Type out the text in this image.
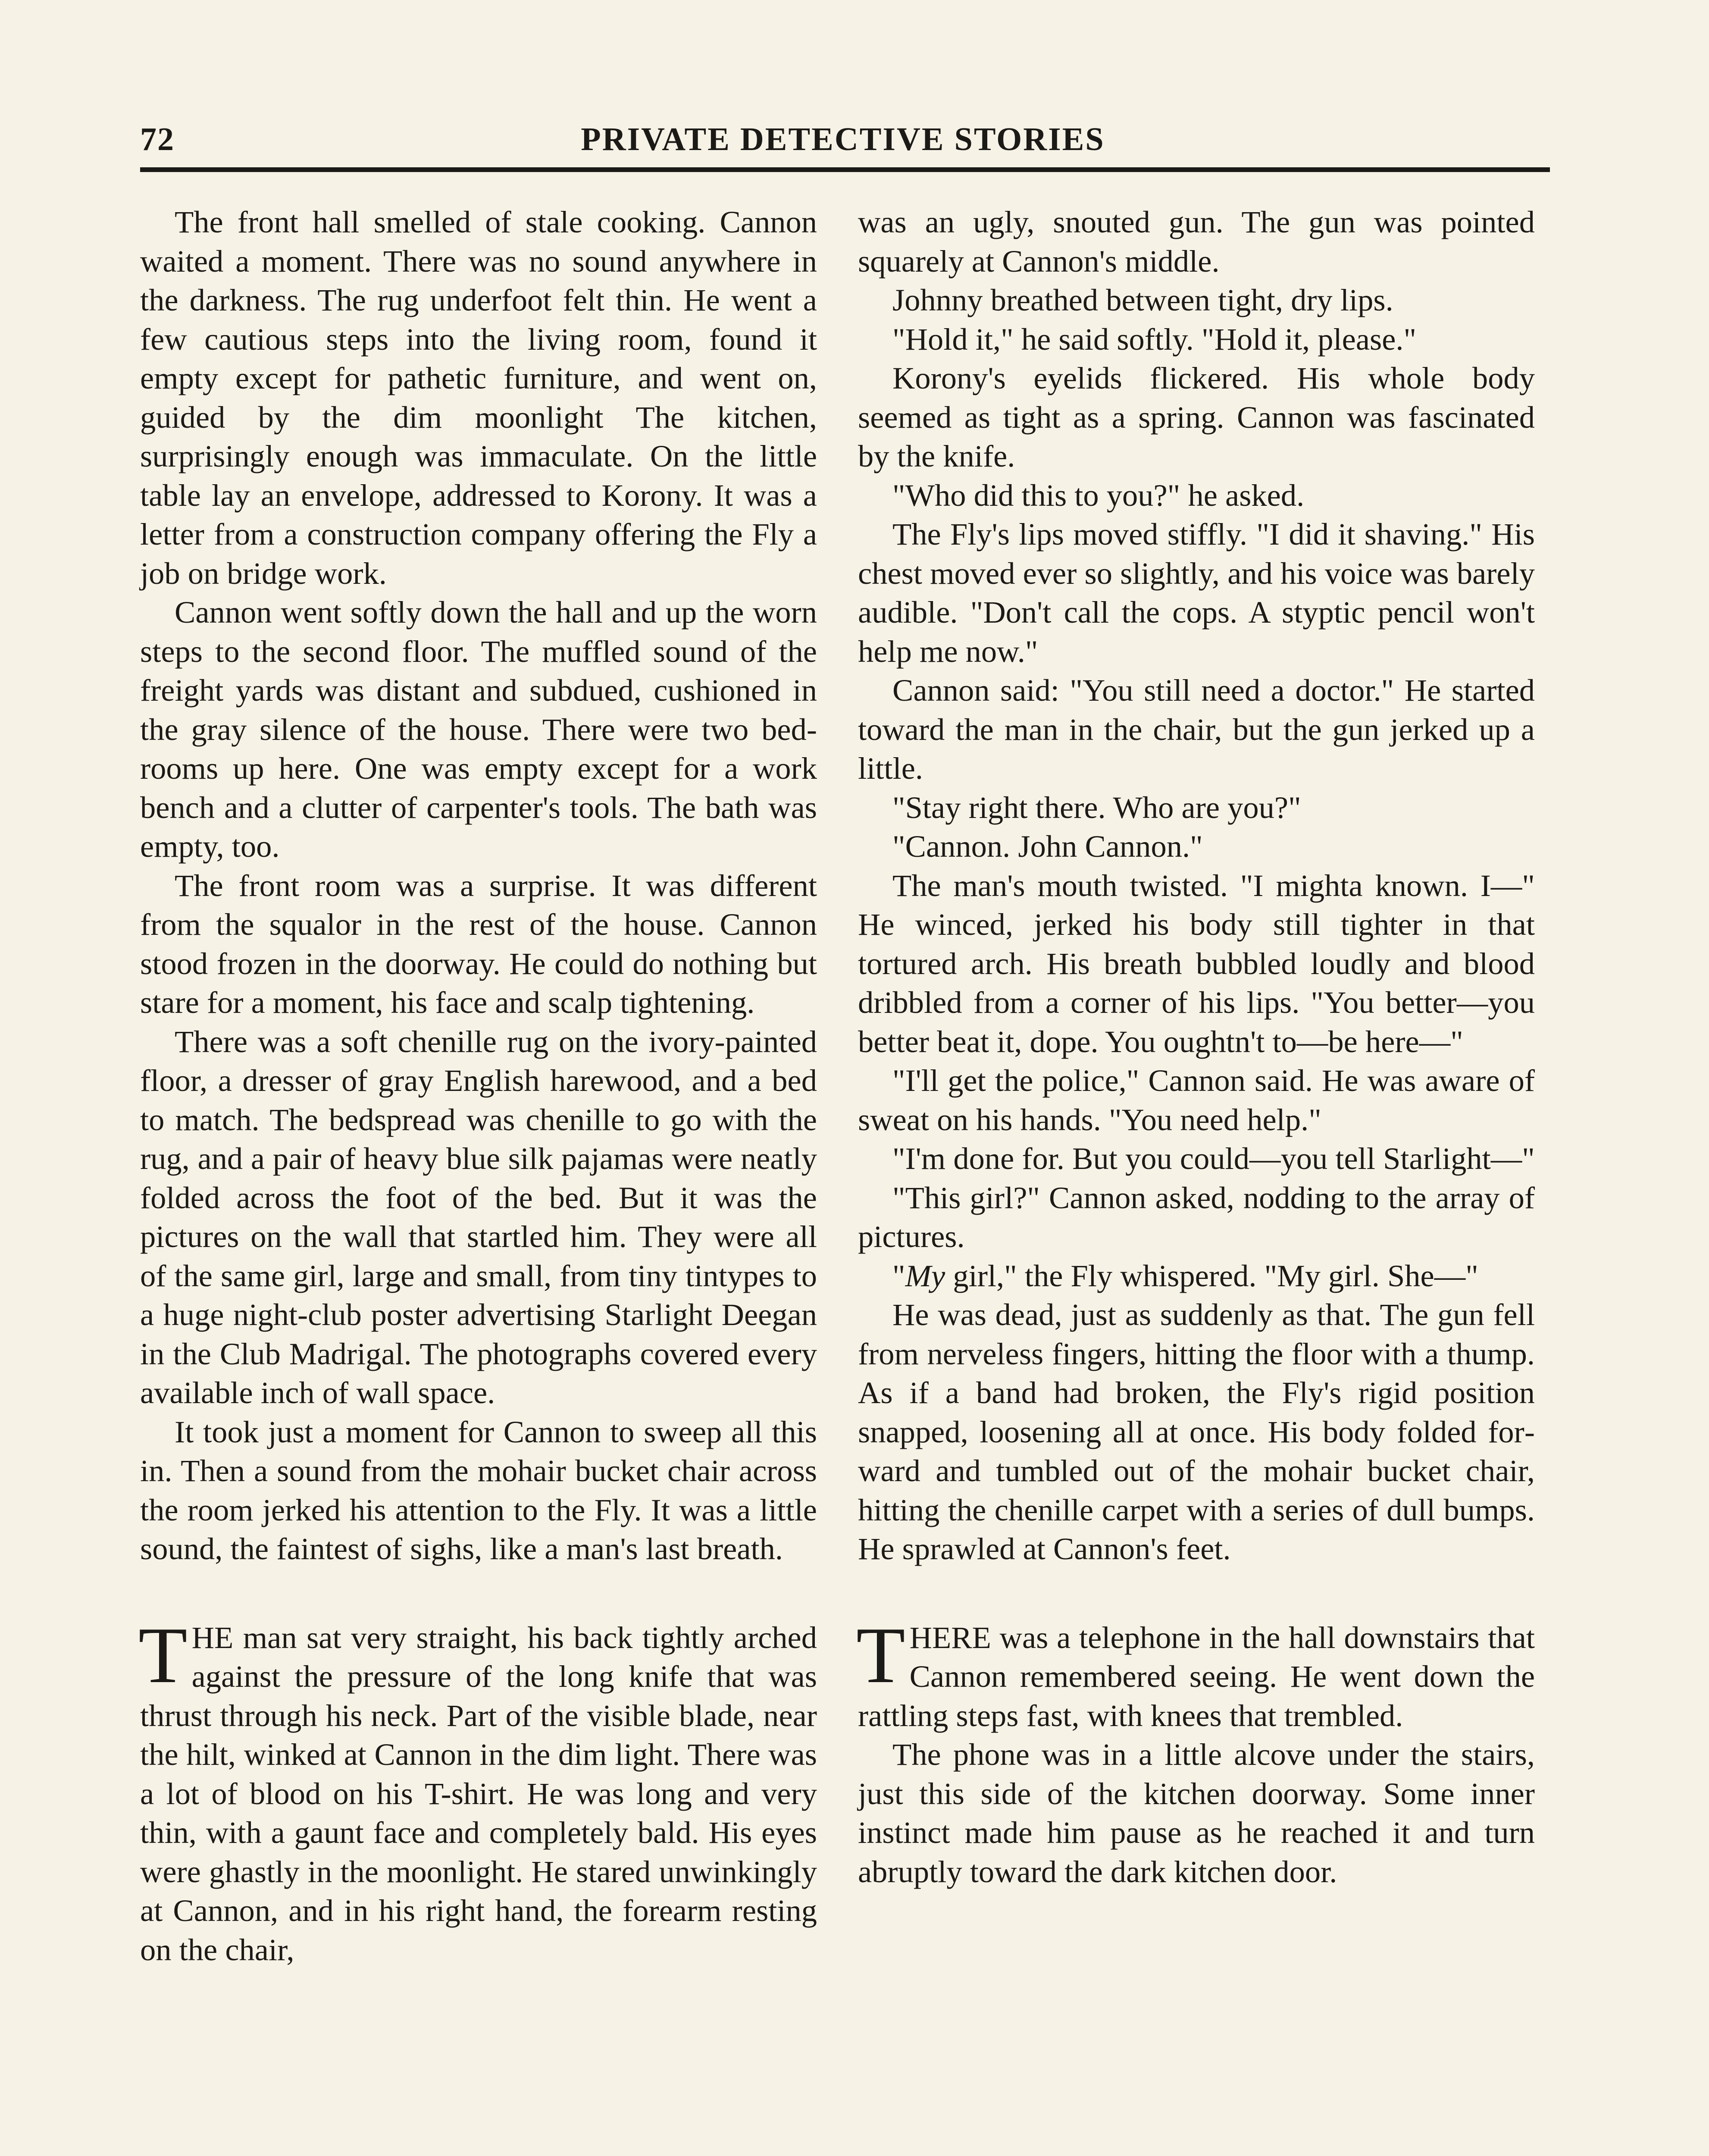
72	PRIVATE DETECTIVE STORIES

The front hall smelled of stale cooking. Cannon waited a moment. There was no sound anywhere in the darkness. The rug underfoot felt thin. He went a few cautious steps into the living room, found it empty except for pathetic furniture, and went on, guided by the dim moonlight The kitchen, surprisingly enough was immaculate. On the little table lay an envelope, addressed to Korony. It was a letter from a construction company offering the Fly a job on bridge work.

Cannon went softly down the hall and up the worn steps to the second floor. The muffled sound of the freight yards was distant and subdued, cushioned in the gray silence of the house. There were two bedrooms up here. One was empty except for a work bench and a clutter of carpenter's tools. The bath was empty, too.

The front room was a surprise. It was different from the squalor in the rest of the house. Cannon stood frozen in the doorway. He could do nothing but stare for a moment, his face and scalp tightening.

There was a soft chenille rug on the ivory-painted floor, a dresser of gray English harewood, and a bed to match. The bedspread was chenille to go with the rug, and a pair of heavy blue silk pajamas were neatly folded across the foot of the bed. But it was the pictures on the wall that startled him. They were all of the same girl, large and small, from tiny tintypes to a huge night-club poster advertising Starlight Deegan in the Club Madrigal. The photographs covered every available inch of wall space.

It took just a moment for Cannon to sweep all this in. Then a sound from the mohair bucket chair across the room jerked his attention to the Fly. It was a little sound, the faintest of sighs, like a man's last breath.

THE man sat very straight, his back tightly arched against the pressure of the long knife that was thrust through his neck. Part of the visible blade, near the hilt, winked at Cannon in the dim light. There was a lot of blood on his T-shirt. He was long and very thin, with a gaunt face and completely bald. His eyes were ghastly in the moonlight. He stared unwinkingly at Cannon, and in his right hand, the forearm resting on the chair,

was an ugly, snouted gun. The gun was pointed squarely at Cannon's middle.

Johnny breathed between tight, dry lips.

"Hold it," he said softly. "Hold it, please."

Korony's eyelids flickered. His whole body seemed as tight as a spring. Cannon was fascinated by the knife.

"Who did this to you?" he asked.

The Fly's lips moved stiffly. "I did it shaving." His chest moved ever so slightly, and his voice was barely audible. "Don't call the cops. A styptic pencil won't help me now."

Cannon said: "You still need a doctor." He started toward the man in the chair, but the gun jerked up a little.

"Stay right there. Who are you?"

"Cannon. John Cannon."

The man's mouth twisted. "I mighta known. I—" He winced, jerked his body still tighter in that tortured arch. His breath bubbled loudly and blood dribbled from a corner of his lips. "You better—you better beat it, dope. You oughtn't to—be here—"

"I'll get the police," Cannon said. He was aware of sweat on his hands. "You need help."

"I'm done for. But you could—you tell Starlight—"

"This girl?" Cannon asked, nodding to the array of pictures.

"My girl," the Fly whispered. "My girl. She—"

He was dead, just as suddenly as that. The gun fell from nerveless fingers, hitting the floor with a thump. As if a band had broken, the Fly's rigid position snapped, loosening all at once. His body folded forward and tumbled out of the mohair bucket chair, hitting the chenille carpet with a series of dull bumps. He sprawled at Cannon's feet.

THERE was a telephone in the hall downstairs that Cannon remembered seeing. He went down the rattling steps fast, with knees that trembled.

The phone was in a little alcove under the stairs, just this side of the kitchen doorway. Some inner instinct made him pause as he reached it and turn abruptly toward the dark kitchen door.
